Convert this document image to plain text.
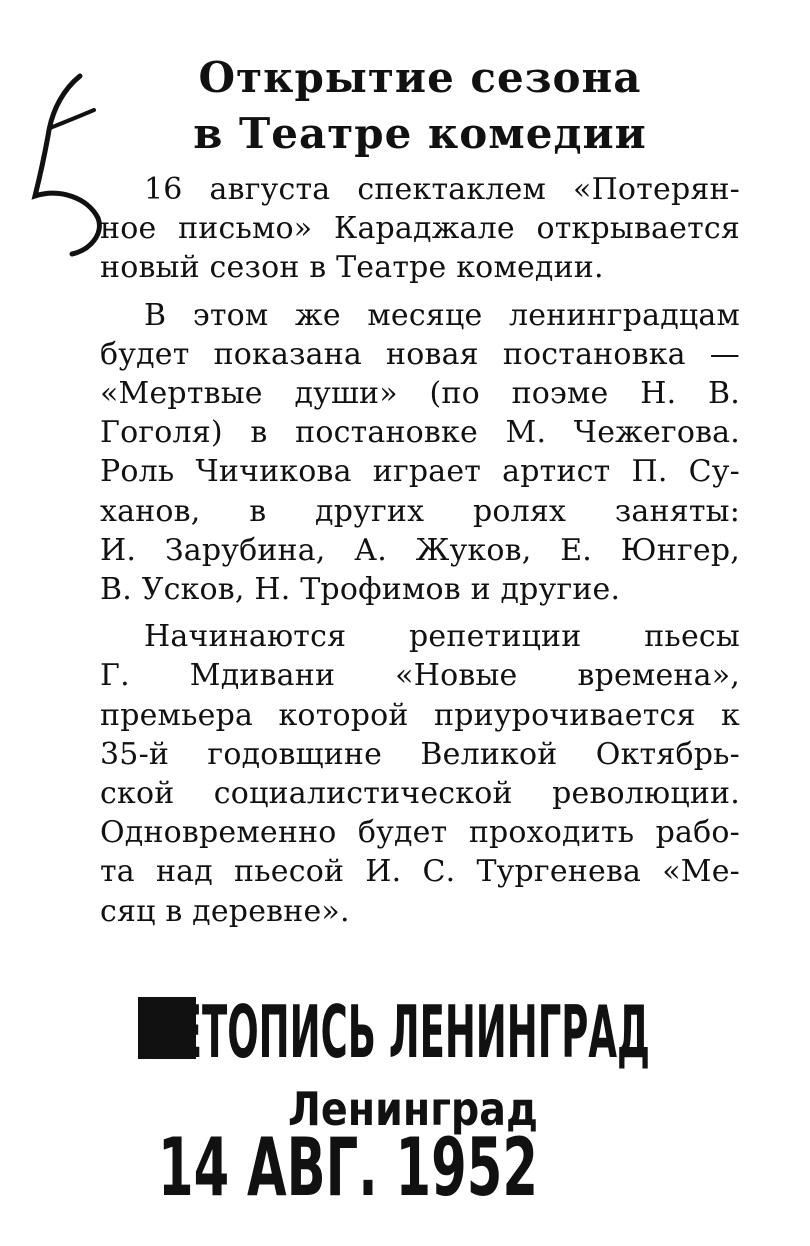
Открытие сезона
в Театре комедии

16 августа спектаклем «Потерян-
ное письмо» Караджале открывается
новый сезон в Театре комедии.

В этом же месяце ленинградцам
будет показана новая постановка —
«Мертвые души» (по поэме Н. В.
Гоголя) в постановке М. Чежегова.
Роль Чичикова играет артист П. Су-
ханов, в других ролях заняты:
И. Зарубина, А. Жуков, Е. Юнгер,
В. Усков, Н. Трофимов и другие.

Начинаются репетиции пьесы
Г. Мдивани «Новые времена»,
премьера которой приурочивается к
35-й годовщине Великой Октябрь-
ской социалистической революции.
Одновременно будет проходить рабо-
та над пьесой И. С. Тургенева «Ме-
сяц в деревне».

ЛЕТОПИСЬ ЛЕНИНГРАД
Ленинград
14 АВГ. 1952
